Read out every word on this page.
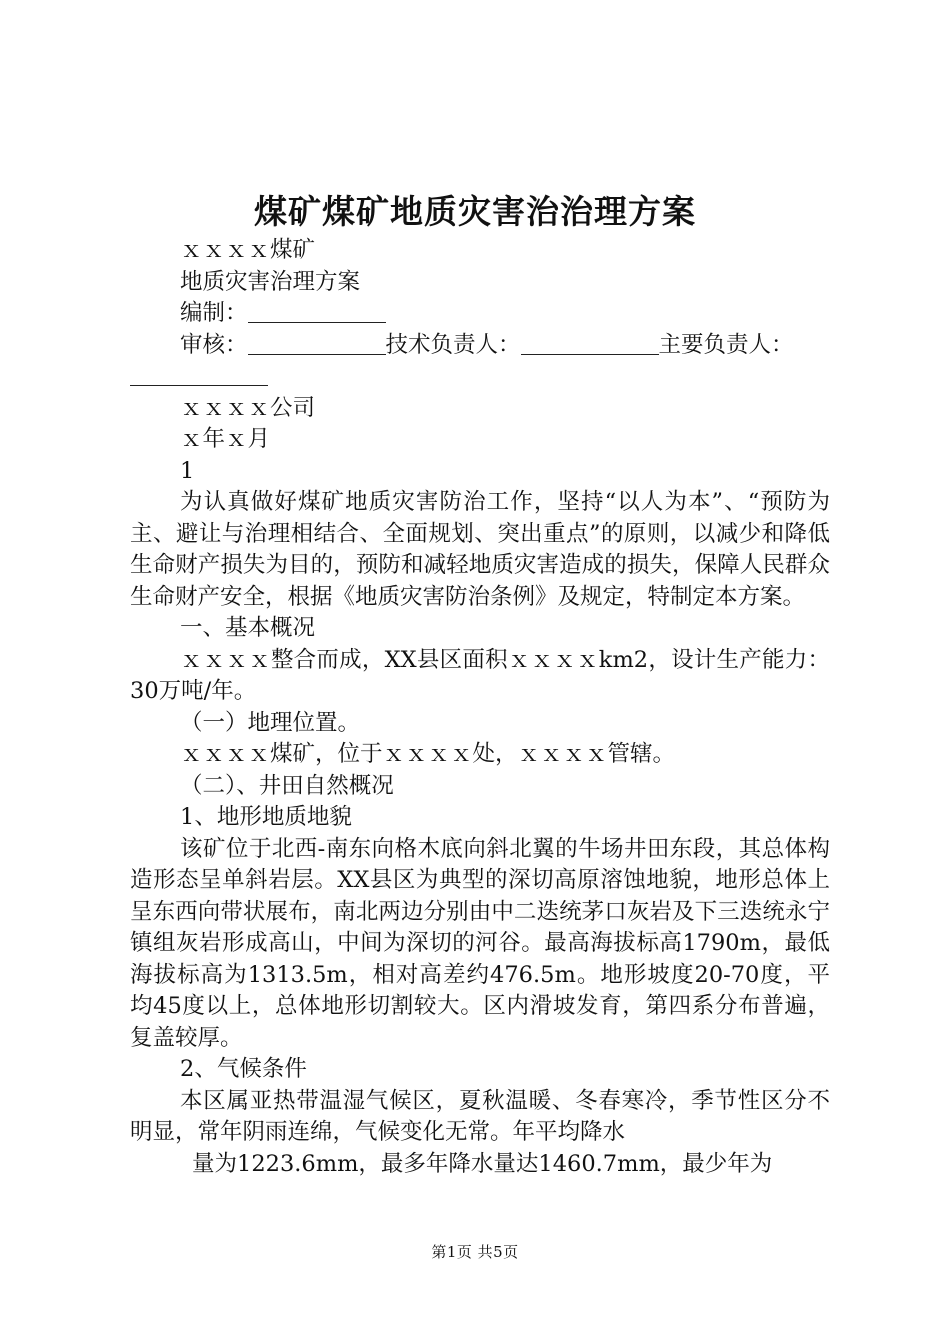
煤矿煤矿地质灾害治治理方案
ｘｘｘｘ煤矿
地质灾害治理方案
编制：
审核：	技术负责人：	主要负责人：
ｘｘｘｘ公司
ｘ年ｘ月
1
为认真做好煤矿地质灾害防治工作，坚持“以人为本”、“预防为主、避让与治理相结合、全面规划、突出重点”的原则，以减少和降低生命财产损失为目的，预防和减轻地质灾害造成的损失，保障人民群众生命财产安全，根据《地质灾害防治条例》及规定，特制定本方案。
一、基本概况
ｘｘｘｘ整合而成，XX县区面积ｘｘｘｘkm2，设计生产能力：30万吨/年。
（一）地理位置。
ｘｘｘｘ煤矿，位于ｘｘｘｘ处，ｘｘｘｘ管辖。
（二）、井田自然概况
1、地形地质地貌
该矿位于北西-南东向格木底向斜北翼的牛场井田东段，其总体构造形态呈单斜岩层。XX县区为典型的深切高原溶蚀地貌，地形总体上呈东西向带状展布，南北两边分别由中二迭统茅口灰岩及下三迭统永宁镇组灰岩形成高山，中间为深切的河谷。最高海拔标高1790m，最低海拔标高为1313.5m，相对高差约476.5m。地形坡度20-70度，平均45度以上，总体地形切割较大。区内滑坡发育，第四系分布普遍，复盖较厚。
2、气候条件
本区属亚热带温湿气候区，夏秋温暖、冬春寒冷，季节性区分不明显，常年阴雨连绵，气候变化无常。年平均降水
量为1223.6mm，最多年降水量达1460.7mm，最少年为
第1页 共5页
